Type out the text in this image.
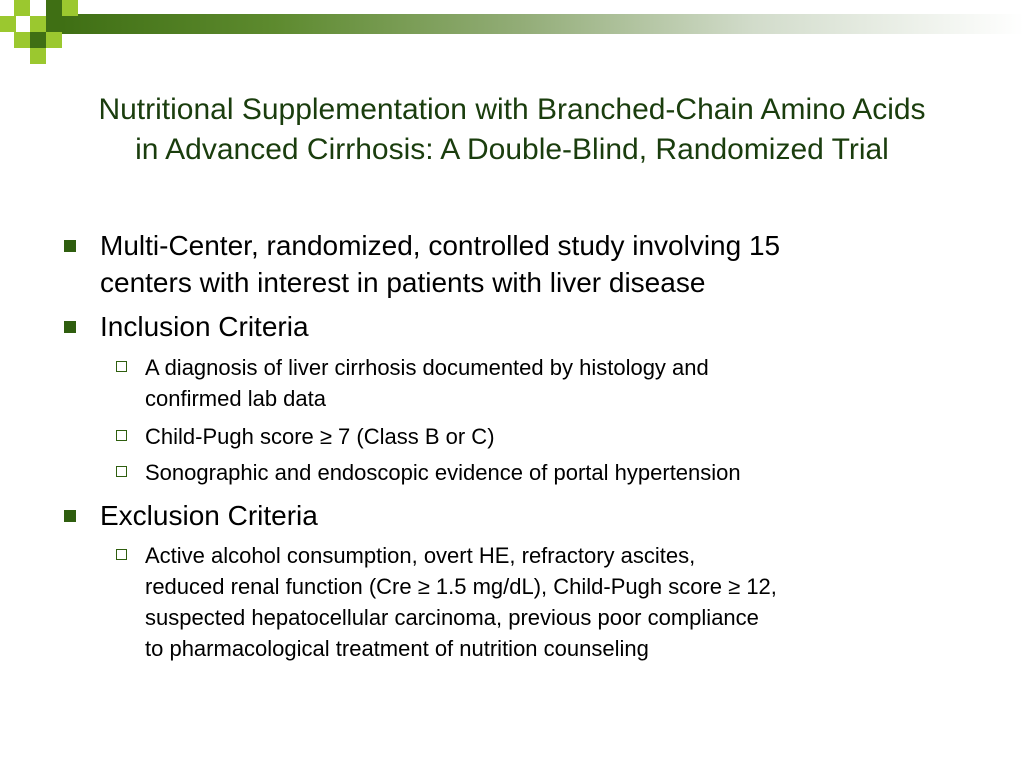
Nutritional Supplementation with Branched-Chain Amino Acids
in Advanced Cirrhosis: A Double-Blind, Randomized Trial
Multi-Center, randomized, controlled study involving 15
centers with interest in patients with liver disease
Inclusion Criteria
A diagnosis of liver cirrhosis documented by histology and
confirmed lab data
Child-Pugh score ≥ 7 (Class B or C)
Sonographic and endoscopic evidence of portal hypertension
Exclusion Criteria
Active alcohol consumption, overt HE, refractory ascites,
reduced renal function (Cre ≥ 1.5 mg/dL), Child-Pugh score ≥ 12,
suspected hepatocellular carcinoma, previous poor compliance
to pharmacological treatment of nutrition counseling
